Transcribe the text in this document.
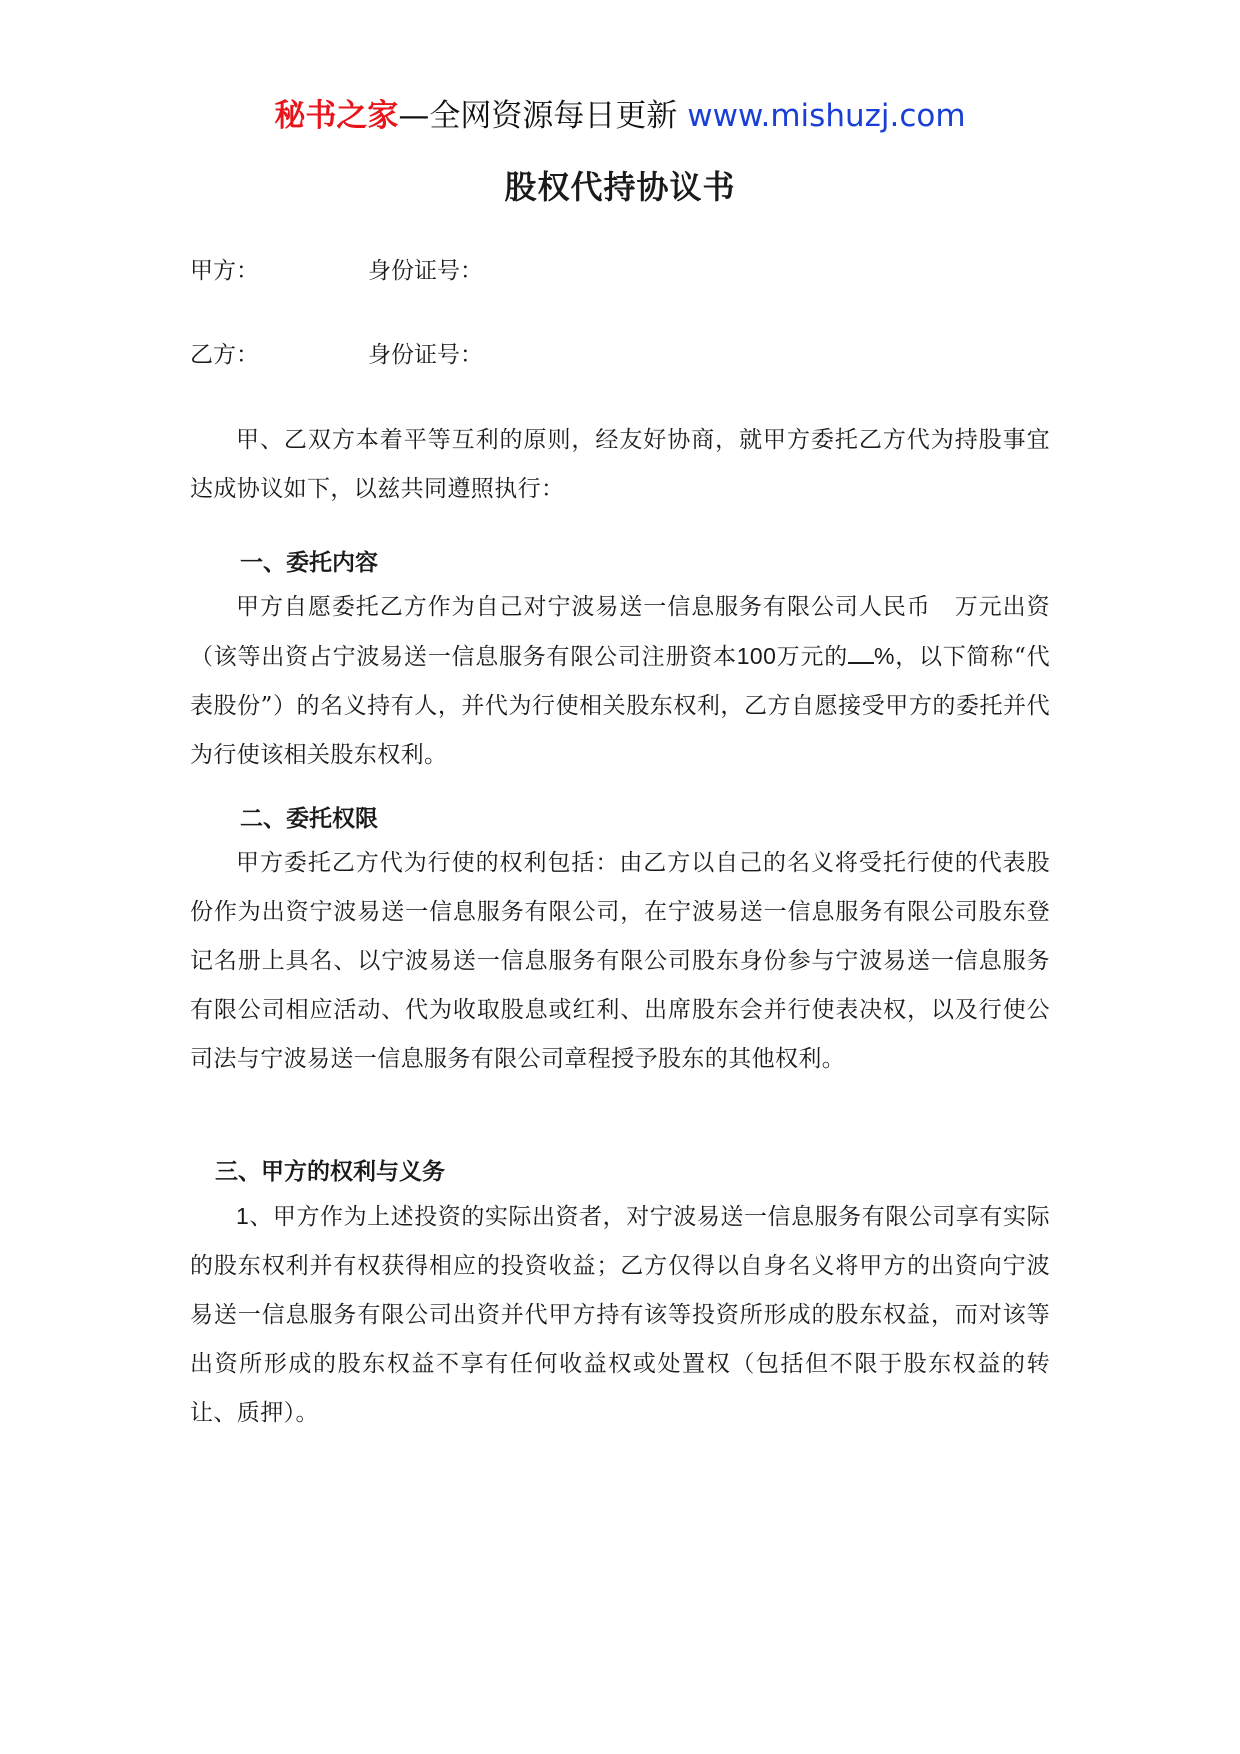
秘书之家—全网资源每日更新 www.mishuzj.com
股权代持协议书
甲方：	身份证号：
乙方：	身份证号：

甲、乙双方本着平等互利的原则，经友好协商，就甲方委托乙方代为持股事宜达成协议如下，以兹共同遵照执行：

一、委托内容

甲方自愿委托乙方作为自己对宁波易送一信息服务有限公司人民币　万元出资（该等出资占宁波易送一信息服务有限公司注册资本100万元的 %，以下简称“代表股份”）的名义持有人，并代为行使相关股东权利，乙方自愿接受甲方的委托并代为行使该相关股东权利。

二、委托权限

甲方委托乙方代为行使的权利包括：由乙方以自己的名义将受托行使的代表股份作为出资宁波易送一信息服务有限公司，在宁波易送一信息服务有限公司股东登记名册上具名、以宁波易送一信息服务有限公司股东身份参与宁波易送一信息服务有限公司相应活动、代为收取股息或红利、出席股东会并行使表决权，以及行使公司法与宁波易送一信息服务有限公司章程授予股东的其他权利。

三、甲方的权利与义务

1、甲方作为上述投资的实际出资者，对宁波易送一信息服务有限公司享有实际的股东权利并有权获得相应的投资收益；乙方仅得以自身名义将甲方的出资向宁波易送一信息服务有限公司出资并代甲方持有该等投资所形成的股东权益，而对该等出资所形成的股东权益不享有任何收益权或处置权（包括但不限于股东权益的转让、质押）。
